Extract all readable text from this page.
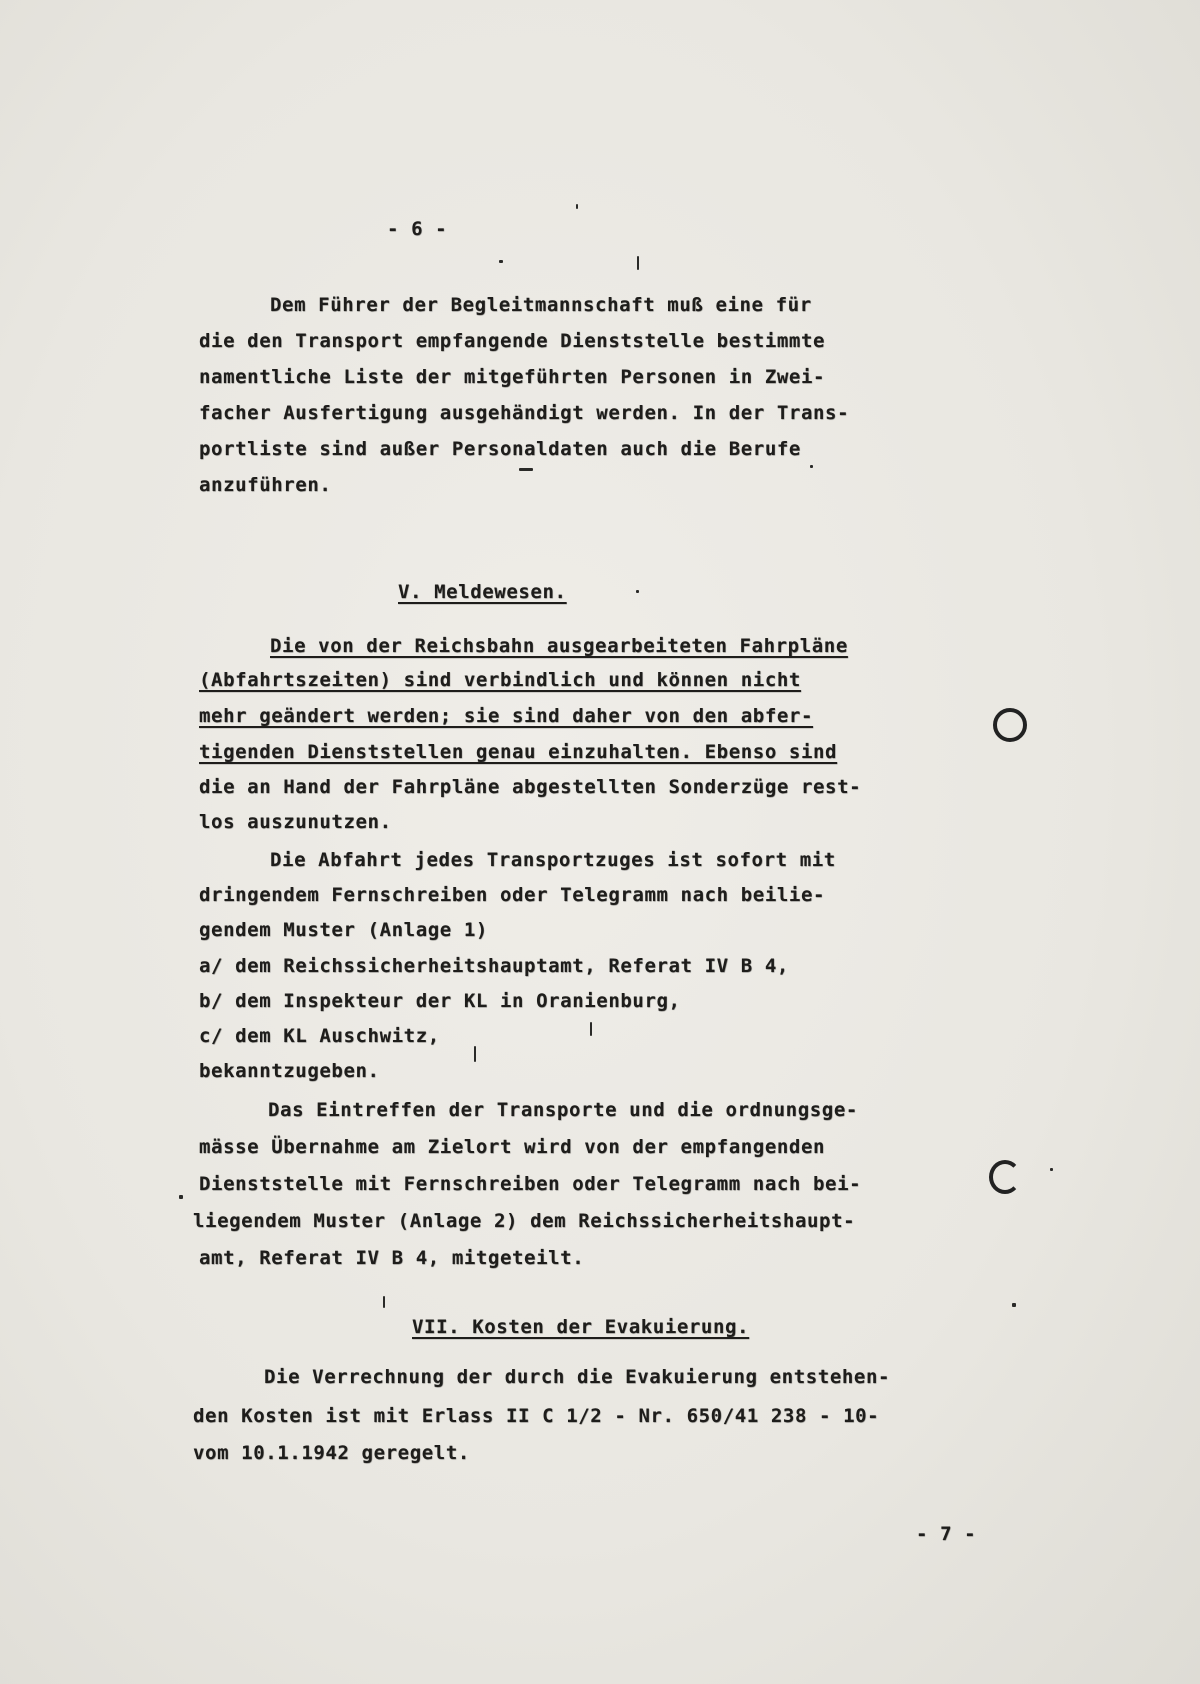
- 6 -
Dem Führer der Begleitmannschaft muß eine für
die den Transport empfangende Dienststelle bestimmte
namentliche Liste der mitgeführten Personen in Zwei-
facher Ausfertigung ausgehändigt werden. In der Trans-
portliste sind außer Personaldaten auch die Berufe
anzuführen.
V. Meldewesen.
Die von der Reichsbahn ausgearbeiteten Fahrpläne
(Abfahrtszeiten) sind verbindlich und können nicht
mehr geändert werden; sie sind daher von den abfer-
tigenden Dienststellen genau einzuhalten. Ebenso sind
die an Hand der Fahrpläne abgestellten Sonderzüge rest-
los auszunutzen.
Die Abfahrt jedes Transportzuges ist sofort mit
dringendem Fernschreiben oder Telegramm nach beilie-
gendem Muster (Anlage 1)
a/ dem Reichssicherheitshauptamt, Referat IV B 4,
b/ dem Inspekteur der KL in Oranienburg,
c/ dem KL Auschwitz,
bekanntzugeben.
Das Eintreffen der Transporte und die ordnungsge-
mässe Übernahme am Zielort wird von der empfangenden
Dienststelle mit Fernschreiben oder Telegramm nach bei-
liegendem Muster (Anlage 2) dem Reichssicherheitshaupt-
amt, Referat IV B 4, mitgeteilt.
VII. Kosten der Evakuierung.
Die Verrechnung der durch die Evakuierung entstehen-
den Kosten ist mit Erlass II C 1/2 - Nr. 650/41 238 - 10-
vom 10.1.1942 geregelt.
- 7 -
